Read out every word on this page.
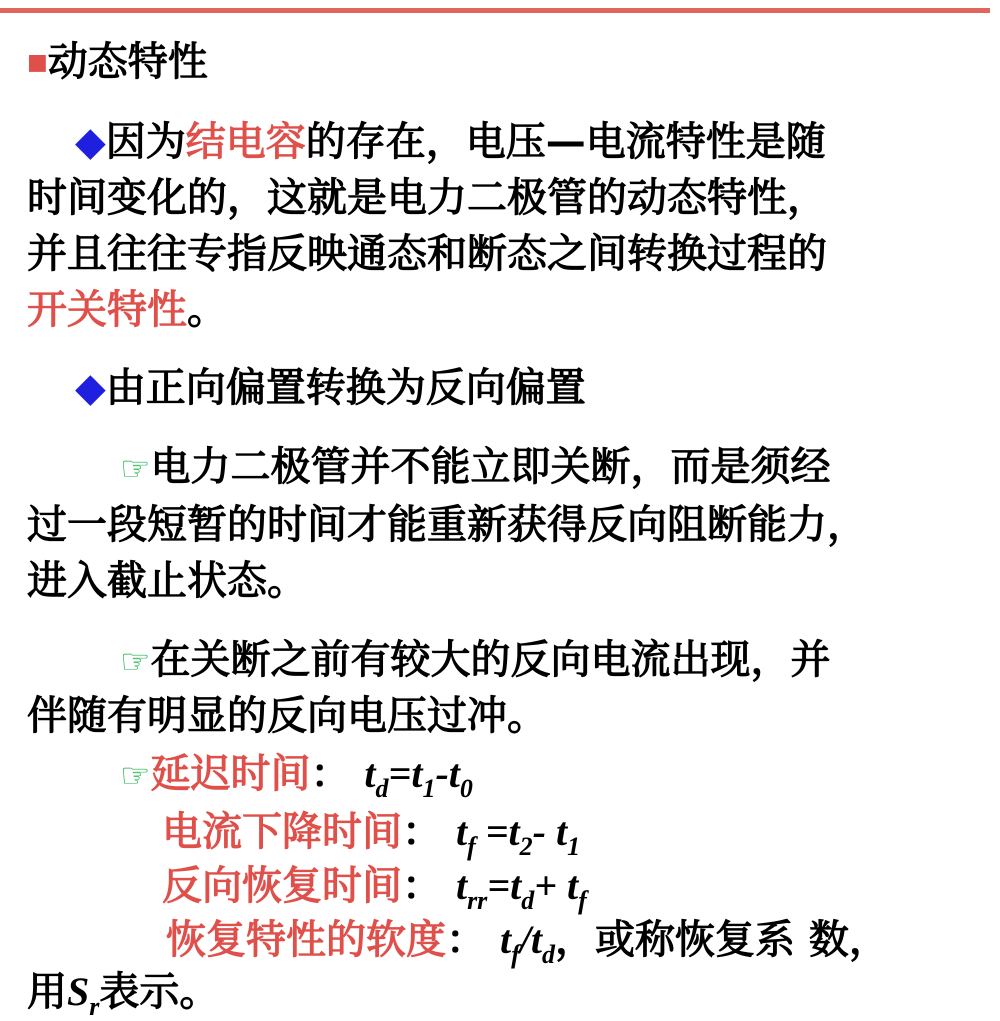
■动态特性
◆因为结电容的存在，电压—电流特性是随
时间变化的，这就是电力二极管的动态特性，
并且往往专指反映通态和断态之间转换过程的
开关特性。
◆由正向偏置转换为反向偏置
☞电力二极管并不能立即关断，而是须经
过一段短暂的时间才能重新获得反向阻断能力，
进入截止状态。
☞在关断之前有较大的反向电流出现，并
伴随有明显的反向电压过冲。
☞延迟时间： $t_d=t_1-t_0$
电流下降时间： $t_f =t_2-$ $t_1$
反向恢复时间： $t_{rr}=t_d+ t_f$
恢复特性的软度： $t_f/t_d$，或称恢复系 数，
用$S_r$表示。
